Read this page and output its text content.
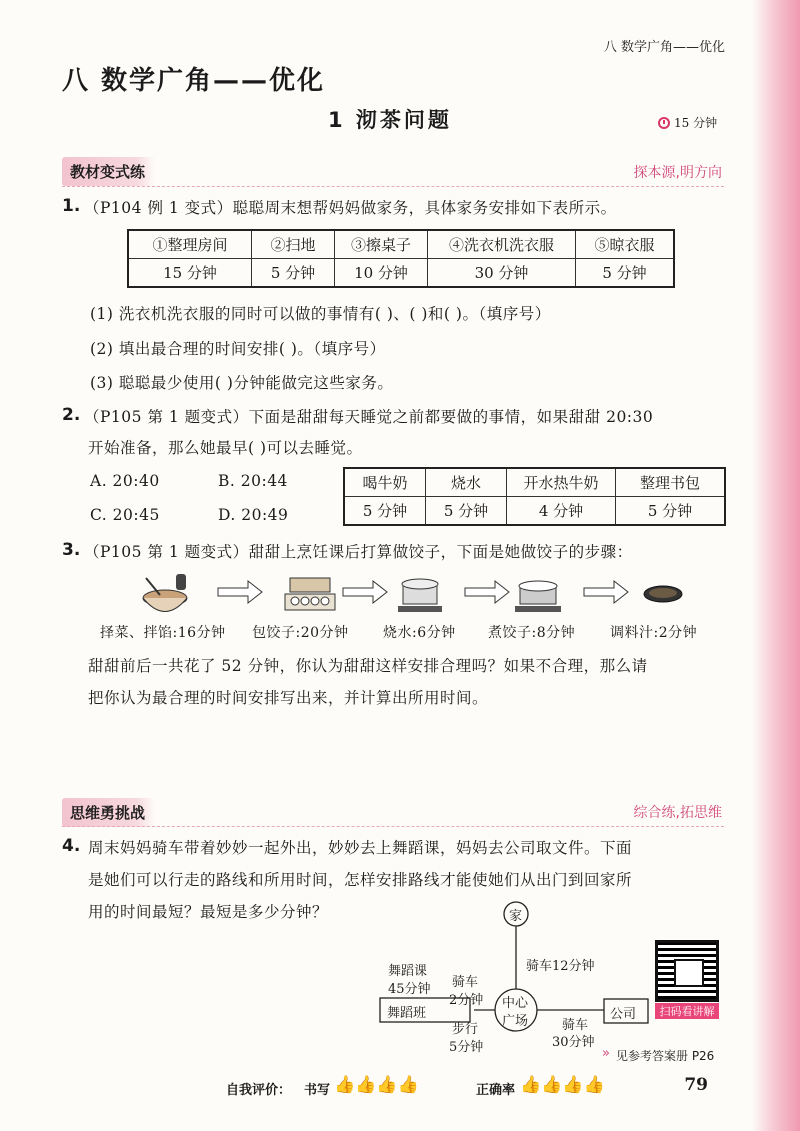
八 数学广角——优化
八 数学广角——优化
1 沏茶问题	15 分钟
教材变式练	探本源,明方向
1. （P104 例 1 变式）聪聪周末想帮妈妈做家务，具体家务安排如下表所示。
①整理房间	②扫地	③擦桌子	④洗衣机洗衣服	⑤晾衣服
15 分钟	5 分钟	10 分钟	30 分钟	5 分钟
(1) 洗衣机洗衣服的同时可以做的事情有( )、( )和( )。（填序号）
(2) 填出最合理的时间安排( )。（填序号）
(3) 聪聪最少使用( )分钟能做完这些家务。
2. （P105 第 1 题变式）下面是甜甜每天睡觉之前都要做的事情，如果甜甜 20:30
开始准备，那么她最早( )可以去睡觉。
A. 20:40	B. 20:44
C. 20:45	D. 20:49
喝牛奶	烧水	开水热牛奶	整理书包
5 分钟	5 分钟	4 分钟	5 分钟
3. （P105 第 1 题变式）甜甜上烹饪课后打算做饺子，下面是她做饺子的步骤：
择菜、拌馅:16分钟 包饺子:20分钟 烧水:6分钟 煮饺子:8分钟 调料汁:2分钟
甜甜前后一共花了 52 分钟，你认为甜甜这样安排合理吗？如果不合理，那么请
把你认为最合理的时间安排写出来，并计算出所用时间。
思维勇挑战	综合练,拓思维
4. 周末妈妈骑车带着妙妙一起外出，妙妙去上舞蹈课，妈妈去公司取文件。下面
是她们可以行走的路线和所用时间，怎样安排路线才能使她们从出门到回家所
用的时间最短？最短是多少分钟？	家
中心
广场
舞蹈班	公司
舞蹈课
45分钟
骑车12分钟
骑车
2分钟
步行
5分钟
骑车
30分钟
扫码看讲解
» 见参考答案册 P26
自我评价： 书写 👍👍👍👍	正确率 👍👍👍👍	79
